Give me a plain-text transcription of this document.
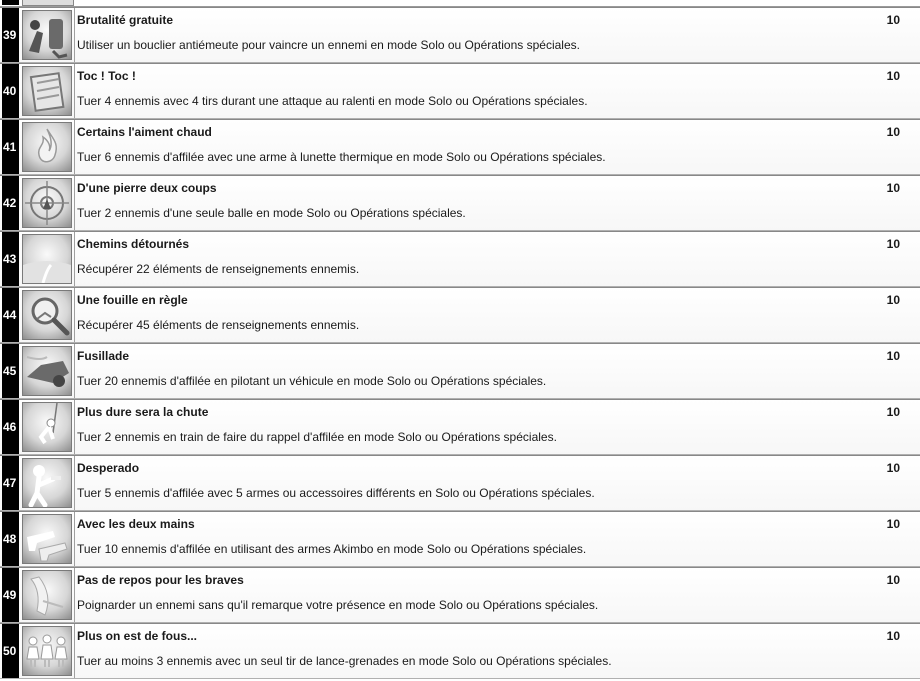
39
Brutalité gratuite
Utiliser un bouclier antiémeute pour vaincre un ennemi en mode Solo ou Opérations spéciales.
10
40
Toc ! Toc !
Tuer 4 ennemis avec 4 tirs durant une attaque au ralenti en mode Solo ou Opérations spéciales.
10
41
Certains l'aiment chaud
Tuer 6 ennemis d'affilée avec une arme à lunette thermique en mode Solo ou Opérations spéciales.
10
42
D'une pierre deux coups
Tuer 2 ennemis d'une seule balle en mode Solo ou Opérations spéciales.
10
43
Chemins détournés
Récupérer 22 éléments de renseignements ennemis.
10
44
Une fouille en règle
Récupérer 45 éléments de renseignements ennemis.
10
45
Fusillade
Tuer 20 ennemis d'affilée en pilotant un véhicule en mode Solo ou Opérations spéciales.
10
46
Plus dure sera la chute
Tuer 2 ennemis en train de faire du rappel d'affilée en mode Solo ou Opérations spéciales.
10
47
Desperado
Tuer 5 ennemis d'affilée avec 5 armes ou accessoires différents en Solo ou Opérations spéciales.
10
48
Avec les deux mains
Tuer 10 ennemis d'affilée en utilisant des armes Akimbo en mode Solo ou Opérations spéciales.
10
49
Pas de repos pour les braves
Poignarder un ennemi sans qu'il remarque votre présence en mode Solo ou Opérations spéciales.
10
50
Plus on est de fous...
Tuer au moins 3 ennemis avec un seul tir de lance-grenades en mode Solo ou Opérations spéciales.
10
